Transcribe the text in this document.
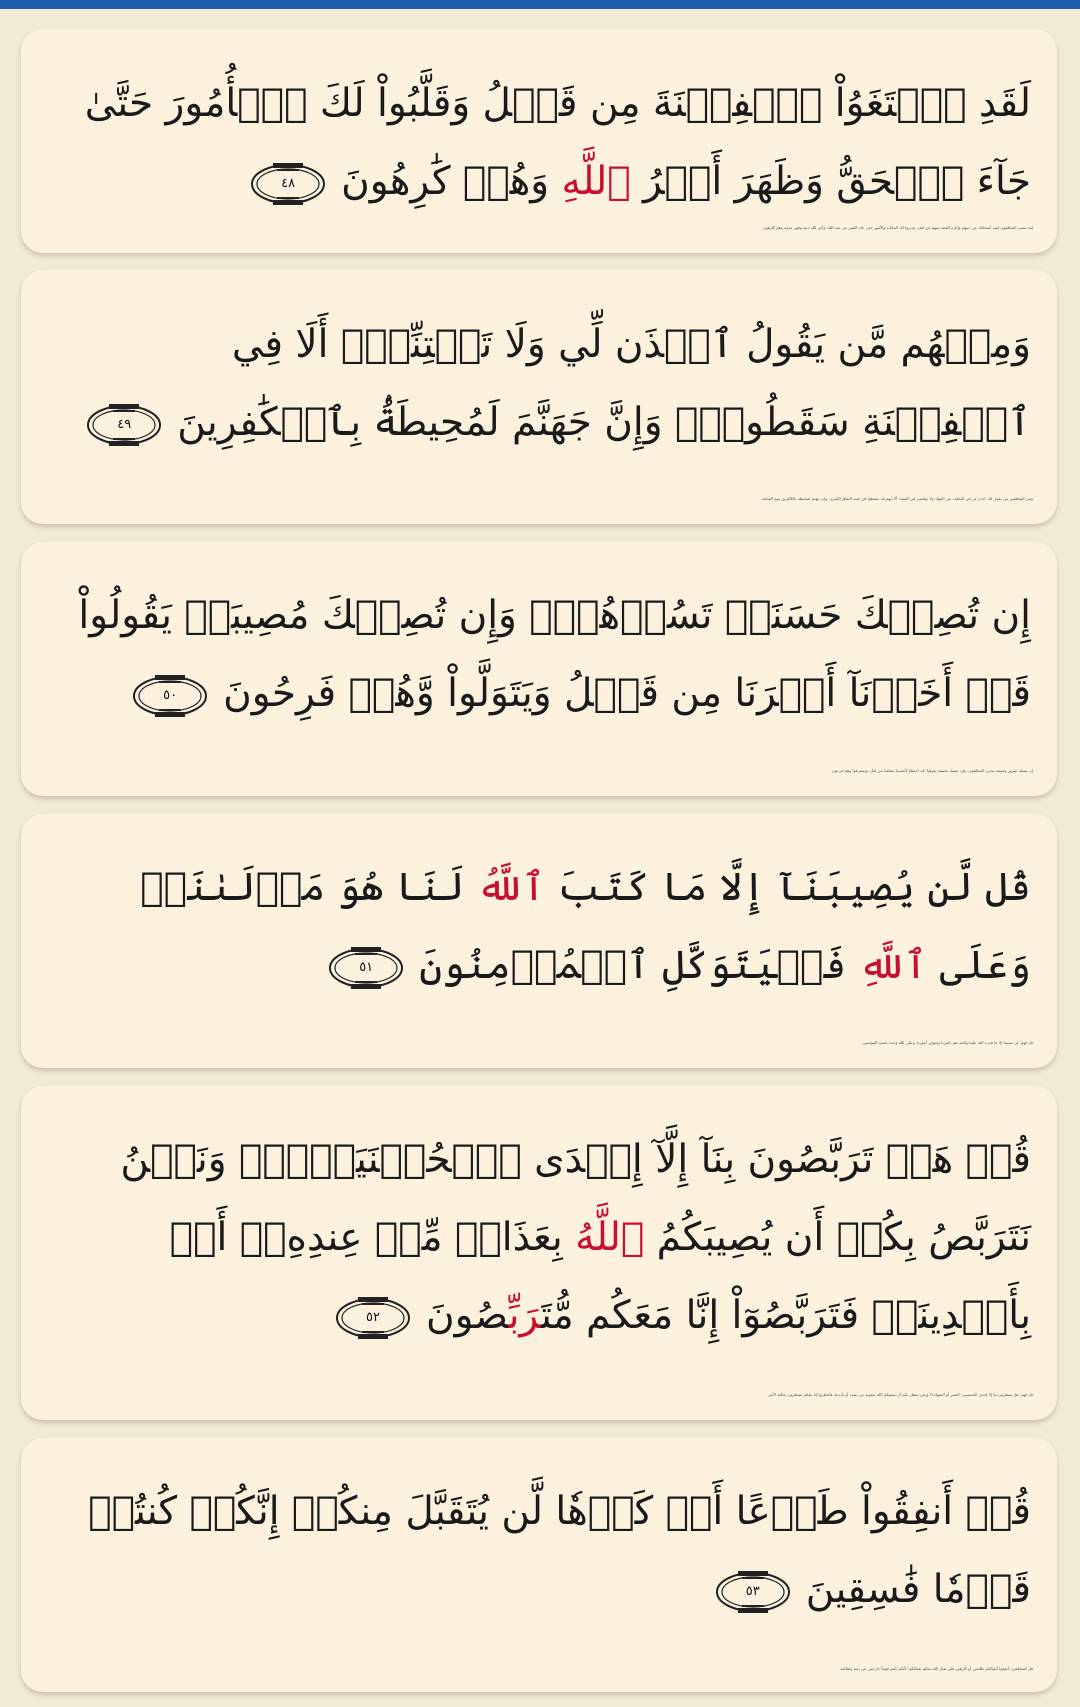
لَقَدِ ٱبۡتَغَوُاْ ٱلۡفِتۡنَةَ مِن قَبۡلُ وَقَلَّبُواْ لَكَ ٱلۡأُمُورَ حَتَّىٰ جَآءَ ٱلۡحَقُّ وَظَهَرَ أَمۡرُ ٱللَّهِ وَهُمۡ كَٰرِهُونَ
٤٨
لقد سعى المنافقون لصد أصحابك عن دينهم وإثارة الفتنة بينهم من قبل، ودبروا لك المكايد والأمور حتى جاء النصر من عند الله، وأعز الله دينه وقهر عدوه وهم كارهون
وَمِنۡهُم مَّن يَقُولُ ٱئۡذَن لِّي وَلَا تَفۡتِنِّيٓۚ أَلَا فِي ٱلۡفِتۡنَةِ سَقَطُواْۗ وَإِنَّ جَهَنَّمَ لَمُحِيطَةُۢ بِٱلۡكَٰفِرِينَ
٤٩
ومن المنافقين من يقول لك: ائذن لي في التخلف عن الجهاد ولا توقعني في الفتنة؛ ألا إنهم قد سقطوا في فتنة النفاق الكبرى، وإن جهنم لمحيطة بالكافرين يوم القيامة
إِن تُصِبۡكَ حَسَنَةٞ تَسُؤۡهُمۡۖ وَإِن تُصِبۡكَ مُصِيبَةٞ يَقُولُواْ قَدۡ أَخَذۡنَآ أَمۡرَنَا مِن قَبۡلُ وَيَتَوَلَّواْ وَّهُمۡ فَرِحُونَ
٥٠
إن يصبك سرور وغنيمة يحزن المنافقون، وإن تصبك مصيبة يقولوا: قد احتطنا لأنفسنا بتخلفنا من قبل، وينصرفوا وهم فرحون
قُل لَّن يُصِيبَنَآ إِلَّا مَا كَتَبَ ٱللَّهُ لَنَا هُوَ مَوۡلَىٰنَاۚ وَعَلَى ٱللَّهِ فَلۡيَتَوَكَّلِ ٱلۡمُؤۡمِنُونَ
٥١
قل لهم: لن يصيبنا إلا ما قدره الله علينا وكتبه، هو ناصرنا ومتولي أمورنا، وعلى الله وحده يعتمد المؤمنون
قُلۡ هَلۡ تَرَبَّصُونَ بِنَآ إِلَّآ إِحۡدَى ٱلۡحُسۡنَيَيۡنِۖ وَنَحۡنُ نَتَرَبَّصُ بِكُمۡ أَن يُصِيبَكُمُ ٱللَّهُ بِعَذَابٖ مِّنۡ عِندِهِۦٓ أَوۡ بِأَيۡدِينَاۖ فَتَرَبَّصُوٓاْ إِنَّا مَعَكُم مُّتَرَبِّصُونَ
٥٢
قل لهم: هل تنتظرون بنا إلا إحدى الحسنيين: النصر أو الشهادة؟ ونحن ننتظر بكم أن يصيبكم الله بعقوبة من عنده أو بأيدينا، فانتظروا إنا معكم منتظرون عاقبة الأمر
قُلۡ أَنفِقُواْ طَوۡعًا أَوۡ كَرۡهٗا لَّن يُتَقَبَّلَ مِنكُمۡ إِنَّكُمۡ كُنتُمۡ قَوۡمٗا فَٰسِقِينَ
٥٣
قل للمنافقين: أنفقوا أموالكم طائعين أو كارهين فلن يقبل الله منكم نفقاتكم؛ لأنكم كنتم قوماً خارجين عن دينه وطاعته
